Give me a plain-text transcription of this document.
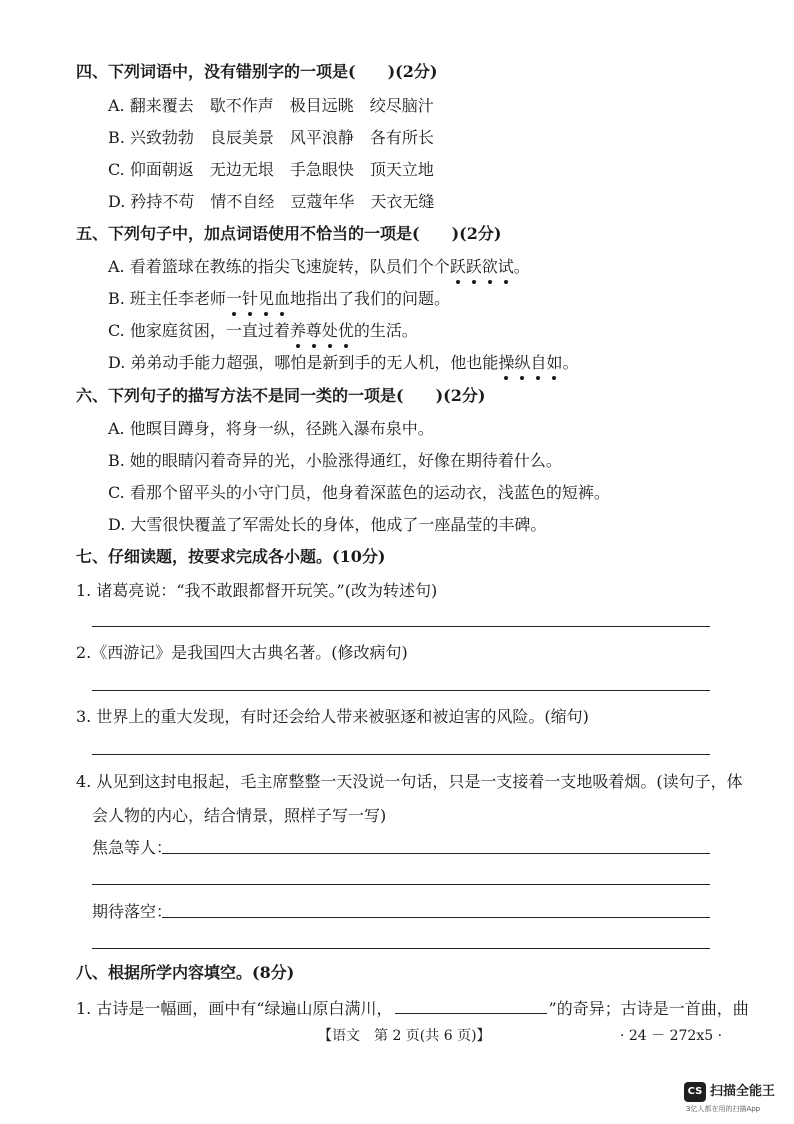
四、下列词语中，没有错别字的一项是(　　)(2分)
A. 翻来覆去　歇不作声　极目远眺　绞尽脑汁
B. 兴致勃勃　良辰美景　风平浪静　各有所长
C. 仰面朝返　无边无垠　手急眼快　顶天立地
D. 矜持不苟　情不自经　豆蔻年华　天衣无缝
五、下列句子中，加点词语使用不恰当的一项是(　　)(2分)
A. 看着篮球在教练的指尖飞速旋转，队员们个个跃跃欲试。
B. 班主任李老师一针见血地指出了我们的问题。
C. 他家庭贫困，一直过着养尊处优的生活。
D. 弟弟动手能力超强，哪怕是新到手的无人机，他也能操纵自如。
六、下列句子的描写方法不是同一类的一项是(　　)(2分)
A. 他瞑目蹲身，将身一纵，径跳入瀑布泉中。
B. 她的眼睛闪着奇异的光，小脸涨得通红，好像在期待着什么。
C. 看那个留平头的小守门员，他身着深蓝色的运动衣，浅蓝色的短裤。
D. 大雪很快覆盖了军需处长的身体，他成了一座晶莹的丰碑。
七、仔细读题，按要求完成各小题。(10分)
1. 诸葛亮说：“我不敢跟都督开玩笑。”(改为转述句)
2.《西游记》是我国四大古典名著。(修改病句)
3. 世界上的重大发现，有时还会给人带来被驱逐和被迫害的风险。(缩句)
4. 从见到这封电报起，毛主席整整一天没说一句话，只是一支接着一支地吸着烟。(读句子，体
会人物的内心，结合情景，照样子写一写)
焦急等人：
期待落空：
八、根据所学内容填空。(8分)
1. 古诗是一幅画，画中有“绿遍山原白满川，	”的奇异；古诗是一首曲，曲
【语文　第 2 页(共 6 页)】	· 24 － 272x5 ·
CS 扫描全能王
3亿人都在用的扫描App
